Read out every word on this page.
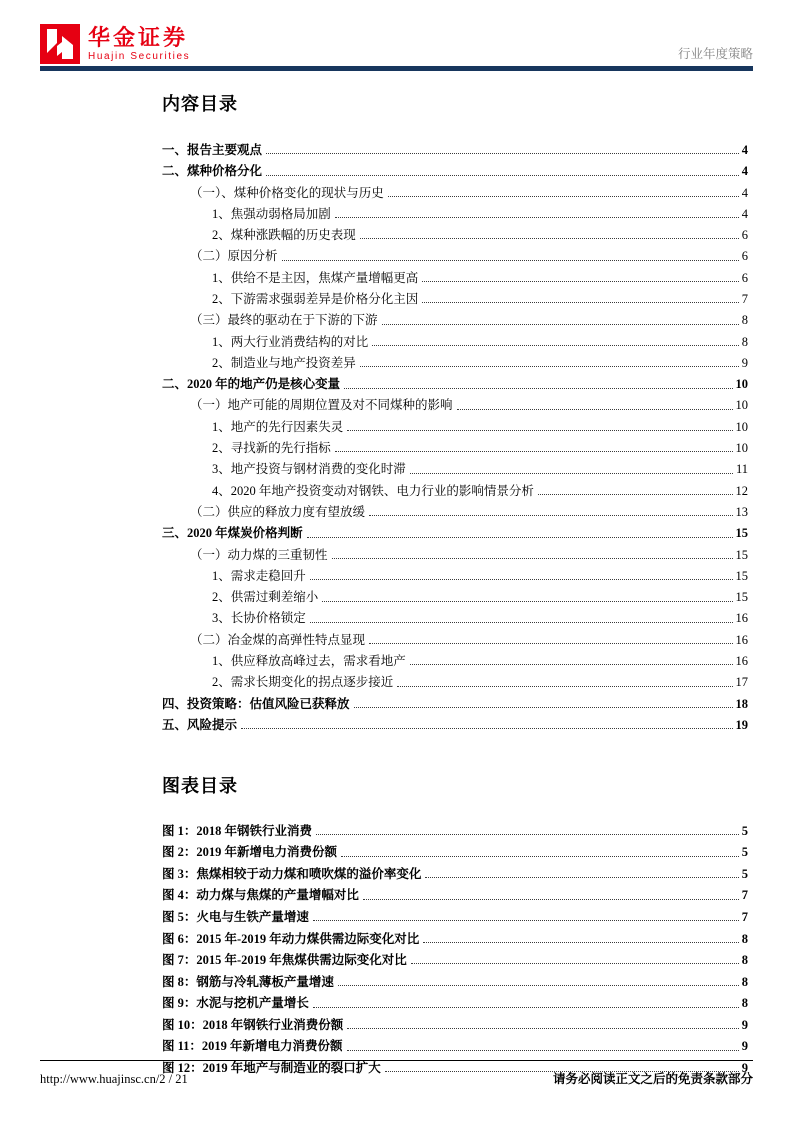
华金证券
Huajin Securities	行业年度策略
内容目录
一、报告主要观点	4
二、煤种价格分化	4
（一）、煤种价格变化的现状与历史	4
1、焦强动弱格局加剧	4
2、煤种涨跌幅的历史表现	6
（二）原因分析	6
1、供给不是主因，焦煤产量增幅更高	6
2、下游需求强弱差异是价格分化主因	7
（三）最终的驱动在于下游的下游	8
1、两大行业消费结构的对比	8
2、制造业与地产投资差异	9
二、2020 年的地产仍是核心变量	10
（一）地产可能的周期位置及对不同煤种的影响	10
1、地产的先行因素失灵	10
2、寻找新的先行指标	10
3、地产投资与钢材消费的变化时滞	11
4、2020 年地产投资变动对钢铁、电力行业的影响情景分析	12
（二）供应的释放力度有望放缓	13
三、2020 年煤炭价格判断	15
（一）动力煤的三重韧性	15
1、需求走稳回升	15
2、供需过剩差缩小	15
3、长协价格锁定	16
（二）冶金煤的高弹性特点显现	16
1、供应释放高峰过去，需求看地产	16
2、需求长期变化的拐点逐步接近	17
四、投资策略：估值风险已获释放	18
五、风险提示	19
图表目录
图 1：2018 年钢铁行业消费	5
图 2：2019 年新增电力消费份额	5
图 3：焦煤相较于动力煤和喷吹煤的溢价率变化	5
图 4：动力煤与焦煤的产量增幅对比	7
图 5：火电与生铁产量增速	7
图 6：2015 年-2019 年动力煤供需边际变化对比	8
图 7：2015 年-2019 年焦煤供需边际变化对比	8
图 8：钢筋与冷轧薄板产量增速	8
图 9：水泥与挖机产量增长	8
图 10：2018 年钢铁行业消费份额	9
图 11：2019 年新增电力消费份额	9
图 12：2019 年地产与制造业的裂口扩大	9
http://www.huajinsc.cn/2 / 21	请务必阅读正文之后的免责条款部分
